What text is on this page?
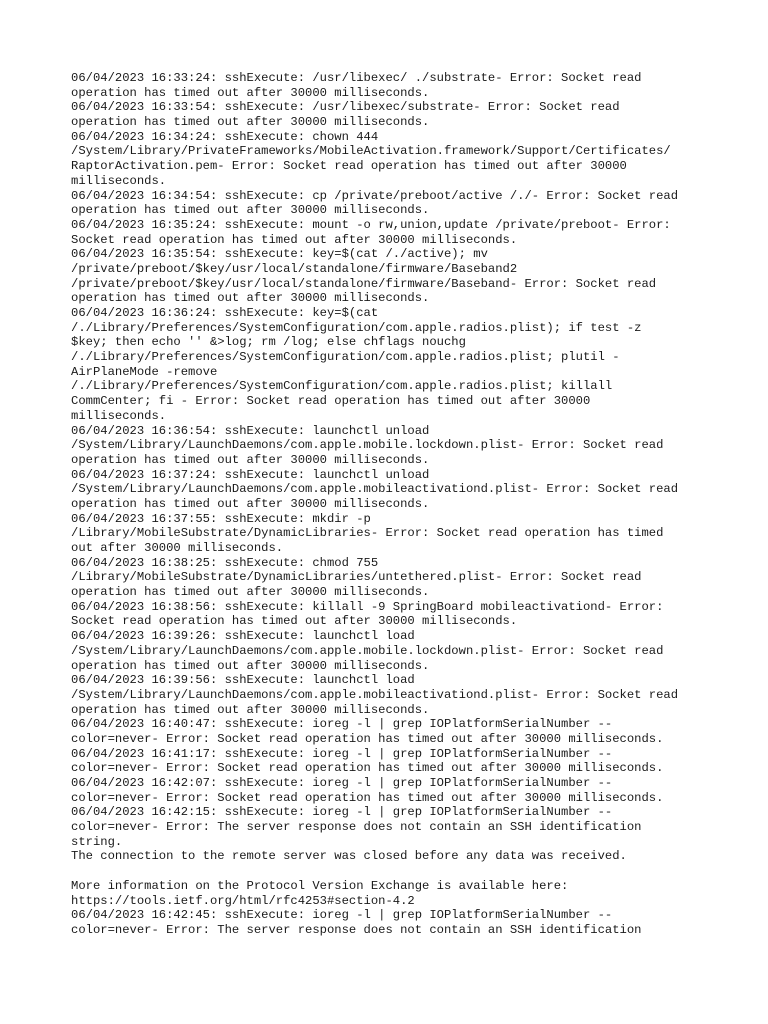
06/04/2023 16:33:24: sshExecute: /usr/libexec/ ./substrate- Error: Socket read
operation has timed out after 30000 milliseconds.
06/04/2023 16:33:54: sshExecute: /usr/libexec/substrate- Error: Socket read
operation has timed out after 30000 milliseconds.
06/04/2023 16:34:24: sshExecute: chown 444
/System/Library/PrivateFrameworks/MobileActivation.framework/Support/Certificates/
RaptorActivation.pem- Error: Socket read operation has timed out after 30000
milliseconds.
06/04/2023 16:34:54: sshExecute: cp /private/preboot/active /./- Error: Socket read
operation has timed out after 30000 milliseconds.
06/04/2023 16:35:24: sshExecute: mount -o rw,union,update /private/preboot- Error:
Socket read operation has timed out after 30000 milliseconds.
06/04/2023 16:35:54: sshExecute: key=$(cat /./active); mv
/private/preboot/$key/usr/local/standalone/firmware/Baseband2
/private/preboot/$key/usr/local/standalone/firmware/Baseband- Error: Socket read
operation has timed out after 30000 milliseconds.
06/04/2023 16:36:24: sshExecute: key=$(cat
/./Library/Preferences/SystemConfiguration/com.apple.radios.plist); if test -z
$key; then echo '' &>log; rm /log; else chflags nouchg
/./Library/Preferences/SystemConfiguration/com.apple.radios.plist; plutil -
AirPlaneMode -remove
/./Library/Preferences/SystemConfiguration/com.apple.radios.plist; killall
CommCenter; fi - Error: Socket read operation has timed out after 30000
milliseconds.
06/04/2023 16:36:54: sshExecute: launchctl unload
/System/Library/LaunchDaemons/com.apple.mobile.lockdown.plist- Error: Socket read
operation has timed out after 30000 milliseconds.
06/04/2023 16:37:24: sshExecute: launchctl unload
/System/Library/LaunchDaemons/com.apple.mobileactivationd.plist- Error: Socket read
operation has timed out after 30000 milliseconds.
06/04/2023 16:37:55: sshExecute: mkdir -p
/Library/MobileSubstrate/DynamicLibraries- Error: Socket read operation has timed
out after 30000 milliseconds.
06/04/2023 16:38:25: sshExecute: chmod 755
/Library/MobileSubstrate/DynamicLibraries/untethered.plist- Error: Socket read
operation has timed out after 30000 milliseconds.
06/04/2023 16:38:56: sshExecute: killall -9 SpringBoard mobileactivationd- Error:
Socket read operation has timed out after 30000 milliseconds.
06/04/2023 16:39:26: sshExecute: launchctl load
/System/Library/LaunchDaemons/com.apple.mobile.lockdown.plist- Error: Socket read
operation has timed out after 30000 milliseconds.
06/04/2023 16:39:56: sshExecute: launchctl load
/System/Library/LaunchDaemons/com.apple.mobileactivationd.plist- Error: Socket read
operation has timed out after 30000 milliseconds.
06/04/2023 16:40:47: sshExecute: ioreg -l | grep IOPlatformSerialNumber --
color=never- Error: Socket read operation has timed out after 30000 milliseconds.
06/04/2023 16:41:17: sshExecute: ioreg -l | grep IOPlatformSerialNumber --
color=never- Error: Socket read operation has timed out after 30000 milliseconds.
06/04/2023 16:42:07: sshExecute: ioreg -l | grep IOPlatformSerialNumber --
color=never- Error: Socket read operation has timed out after 30000 milliseconds.
06/04/2023 16:42:15: sshExecute: ioreg -l | grep IOPlatformSerialNumber --
color=never- Error: The server response does not contain an SSH identification
string.
The connection to the remote server was closed before any data was received.
More information on the Protocol Version Exchange is available here:
https://tools.ietf.org/html/rfc4253#section-4.2
06/04/2023 16:42:45: sshExecute: ioreg -l | grep IOPlatformSerialNumber --
color=never- Error: The server response does not contain an SSH identification
